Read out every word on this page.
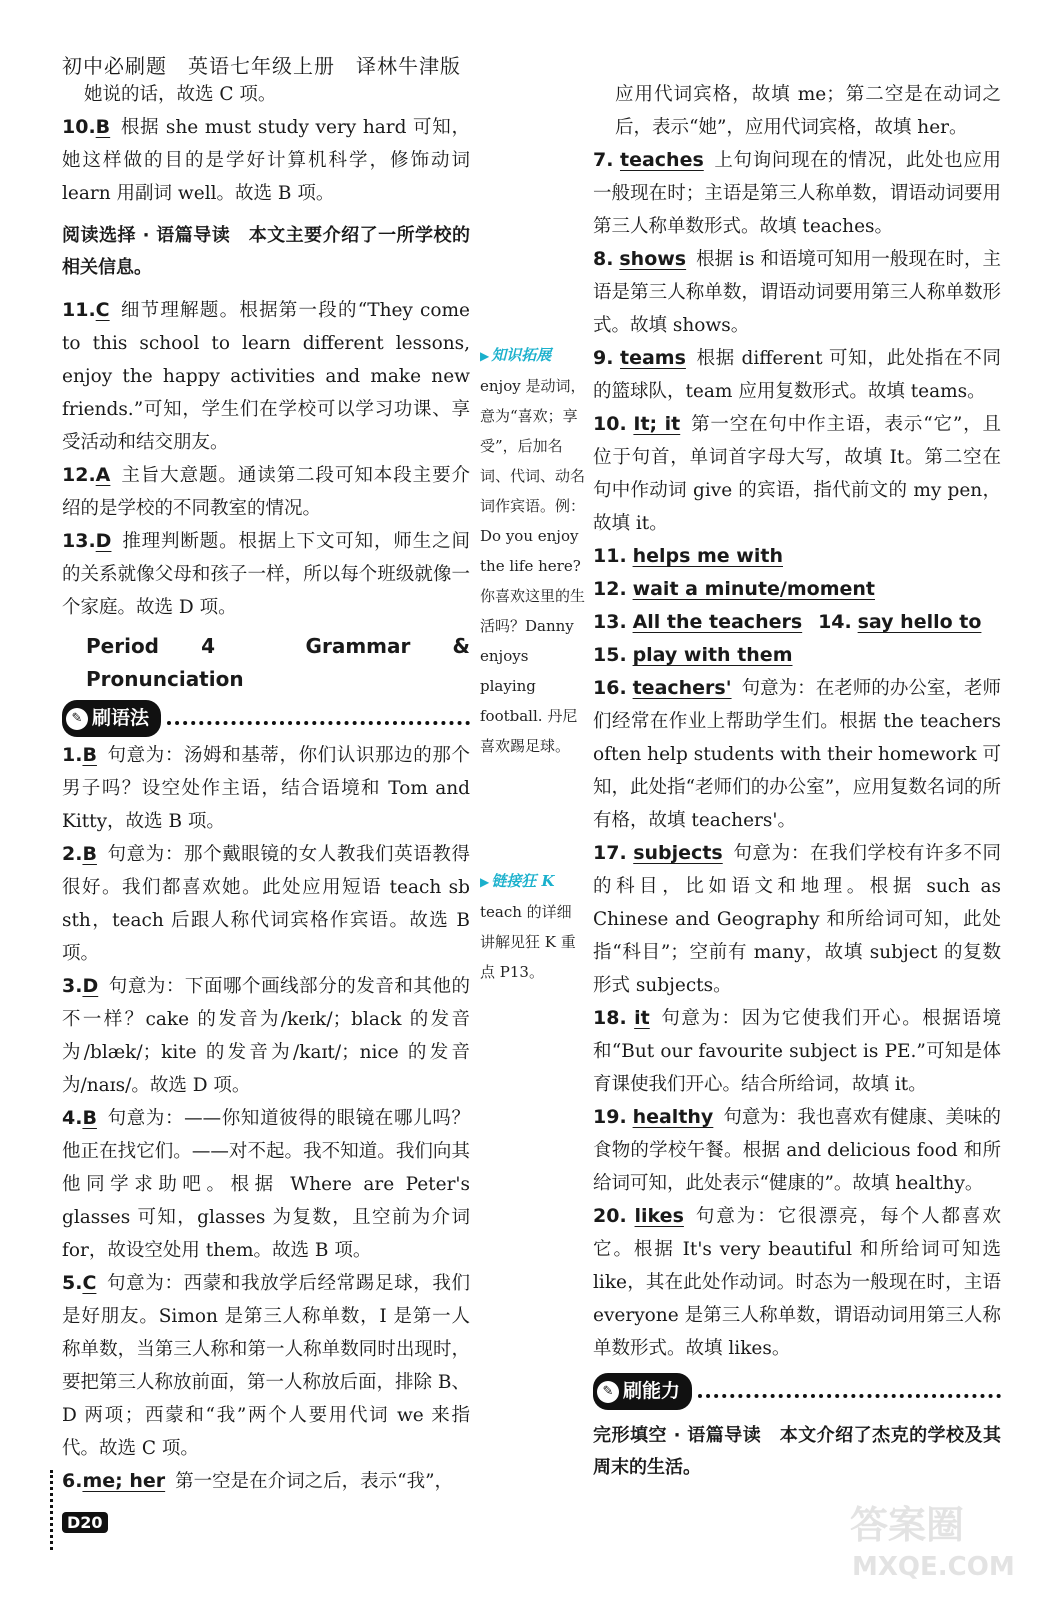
初中必刷题　英语七年级上册　译林牛津版

她说的话，故选 C 项。

10.B 根据 she must study very hard 可知，她这样做的目的是学好计算机科学，修饰动词 learn 用副词 well。故选 B 项。

阅读选择 · 语篇导读　 本文主要介绍了一所学校的相关信息。

11.C 细节理解题。根据第一段的“They come to this school to learn different lessons, enjoy the happy activities and make new friends.”可知，学生们在学校可以学习功课、享受活动和结交朋友。

12.A 主旨大意题。通读第二段可知本段主要介绍的是学校的不同教室的情况。

13.D 推理判断题。根据上下文可知，师生之间的关系就像父母和孩子一样，所以每个班级就像一个家庭。故选 D 项。

Period 4　Grammar & Pronunciation
✎ 刷语法

1.B 句意为：汤姆和基蒂，你们认识那边的那个男子吗？设空处作主语，结合语境和 Tom and Kitty，故选 B 项。

2.B 句意为：那个戴眼镜的女人教我们英语教得很好。我们都喜欢她。此处应用短语 teach sb sth，teach 后跟人称代词宾格作宾语。故选 B 项。

3.D 句意为：下面哪个画线部分的发音和其他的不一样？cake 的发音为/keɪk/；black 的发音为/blæk/；kite 的发音为/kaɪt/；nice 的发音为/naɪs/。故选 D 项。

4.B 句意为：——你知道彼得的眼镜在哪儿吗？他正在找它们。——对不起。我不知道。我们向其他同学求助吧。根据 Where are Peter's glasses 可知，glasses 为复数，且空前为介词 for，故设空处用 them。故选 B 项。

5.C 句意为：西蒙和我放学后经常踢足球，我们是好朋友。Simon 是第三人称单数，I 是第一人称单数，当第三人称和第一人称单数同时出现时，要把第三人称放前面，第一人称放后面，排除 B、D 两项；西蒙和“我”两个人要用代词 we 来指代。故选 C 项。

6.me; her 第一空是在介词之后，表示“我”，

▶ 知识拓展
enjoy 是动词，意为“喜欢；享受”，后加名词、代词、动名词作宾语。例：Do you enjoy the life here? 你喜欢这里的生活吗？Danny enjoys playing football. 丹尼喜欢踢足球。
▶ 链接狂 K
teach 的详细讲解见狂 K 重点 P13。

应用代词宾格，故填 me；第二空是在动词之后，表示“她”，应用代词宾格，故填 her。

7. teaches 上句询问现在的情况，此处也应用一般现在时；主语是第三人称单数，谓语动词要用第三人称单数形式。故填 teaches。

8. shows 根据 is 和语境可知用一般现在时，主语是第三人称单数，谓语动词要用第三人称单数形式。故填 shows。

9. teams 根据 different 可知，此处指在不同的篮球队，team 应用复数形式。故填 teams。

10. It; it 第一空在句中作主语，表示“它”，且位于句首，单词首字母大写，故填 It。第二空在句中作动词 give 的宾语，指代前文的 my pen，故填 it。

11. helps me with

12. wait a minute/moment

13. All the teachers 14. say hello to

15. play with them

16. teachers' 句意为：在老师的办公室，老师们经常在作业上帮助学生们。根据 the teachers often help students with their homework 可知，此处指“老师们的办公室”，应用复数名词的所有格，故填 teachers'。

17. subjects 句意为：在我们学校有许多不同的科目，比如语文和地理。根据 such as Chinese and Geography 和所给词可知，此处指“科目”；空前有 many，故填 subject 的复数形式 subjects。

18. it 句意为：因为它使我们开心。根据语境和“But our favourite subject is PE.”可知是体育课使我们开心。结合所给词，故填 it。

19. healthy 句意为：我也喜欢有健康、美味的食物的学校午餐。根据 and delicious food 和所给词可知，此处表示“健康的”。故填 healthy。

20. likes 句意为：它很漂亮，每个人都喜欢它。根据 It's very beautiful 和所给词可知选 like，其在此处作动词。时态为一般现在时，主语 everyone 是第三人称单数，谓语动词用第三人称单数形式。故填 likes。

✎ 刷能力
完形填空 · 语篇导读　 本文介绍了杰克的学校及其周末的生活。
D20	答案圈
MXQE.COM
